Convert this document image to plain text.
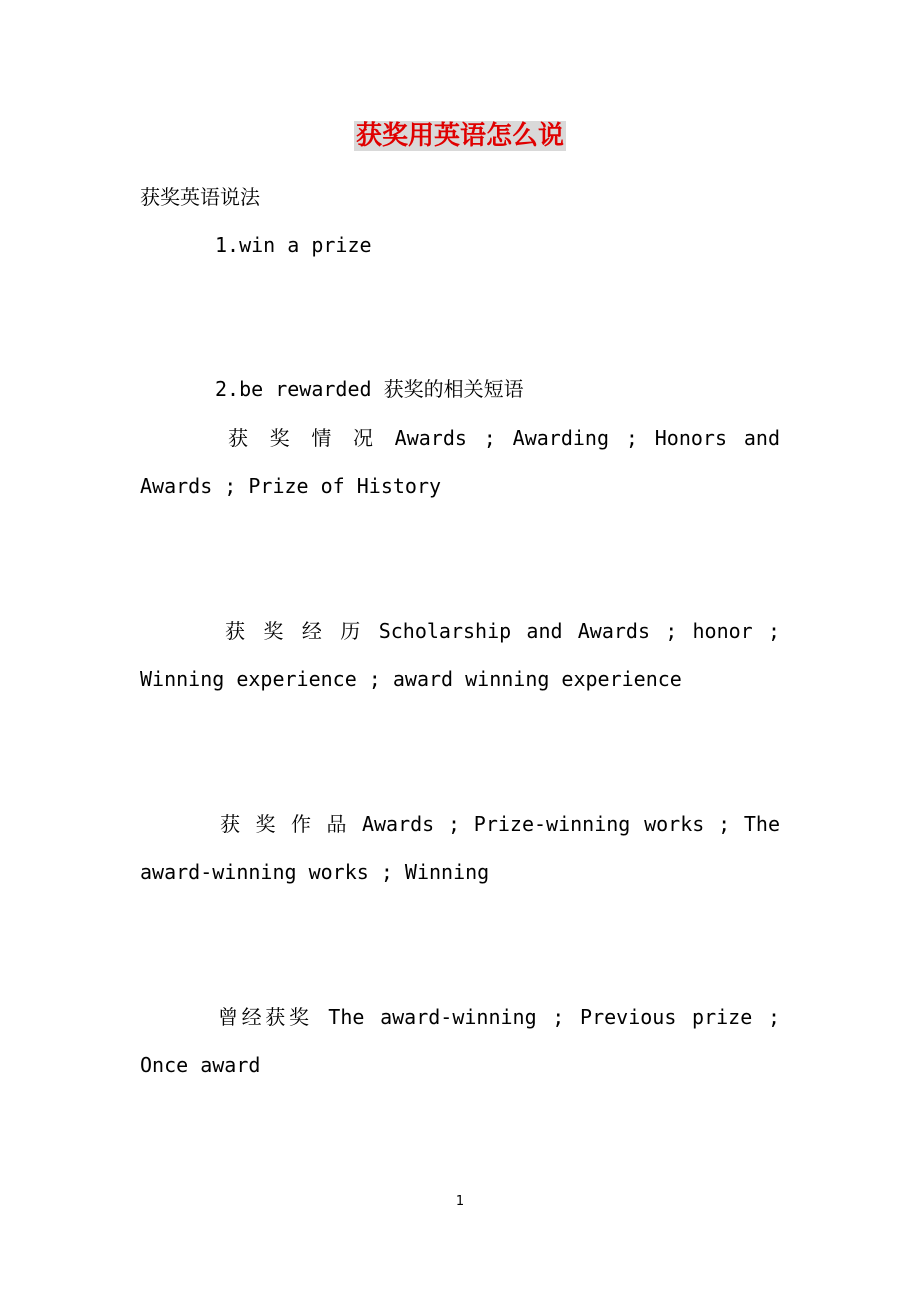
获奖用英语怎么说
获奖英语说法
1.win a prize
2.be rewarded 获奖的相关短语
获 奖 情 况 Awards ; Awarding ; Honors and
Awards ; Prize of History
获 奖 经 历 Scholarship and Awards ; honor ;
Winning experience ; award winning experience
获 奖 作 品 Awards ; Prize-winning works ; The
award-winning works ; Winning
曾经获奖 The award-winning ; Previous prize ;
Once award
1
